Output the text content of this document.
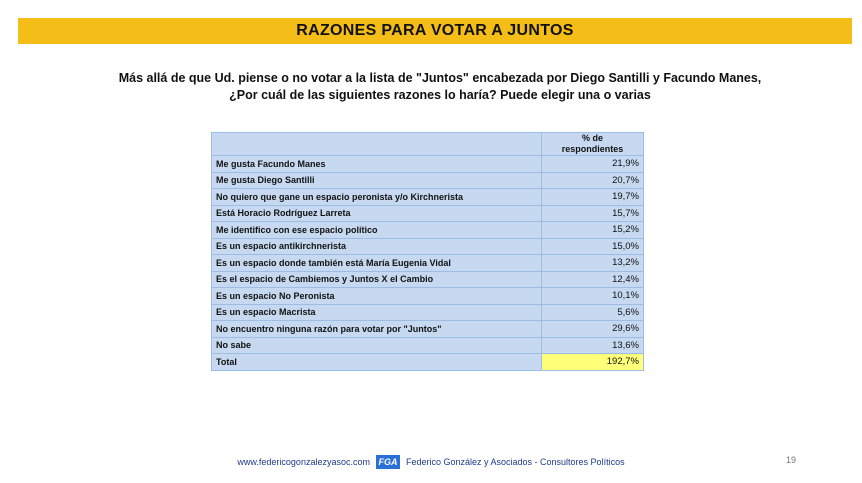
RAZONES PARA VOTAR A JUNTOS
Más allá de que Ud. piense o no votar a la lista de "Juntos" encabezada por Diego Santilli y Facundo Manes,
¿Por cuál de las siguientes razones lo haría? Puede elegir una o varias

	% de
respondientes

Me gusta Facundo Manes	21,9%
Me gusta Diego Santilli	20,7%
No quiero que gane un espacio peronista y/o Kirchnerista	19,7%
Está Horacio Rodríguez Larreta	15,7%
Me identifico con ese espacio político	15,2%
Es un espacio antikirchnerista	15,0%
Es un espacio donde también está María Eugenia Vidal	13,2%
Es el espacio de Cambiemos y Juntos X el Cambio	12,4%
Es un espacio No Peronista	10,1%
Es un espacio Macrista	5,6%
No encuentro ninguna razón para votar por "Juntos"	29,6%
No sabe	13,6%
Total	192,7%
www.federicogonzalezyasoc.com FGA Federico González y Asociados - Consultores Políticos	19
